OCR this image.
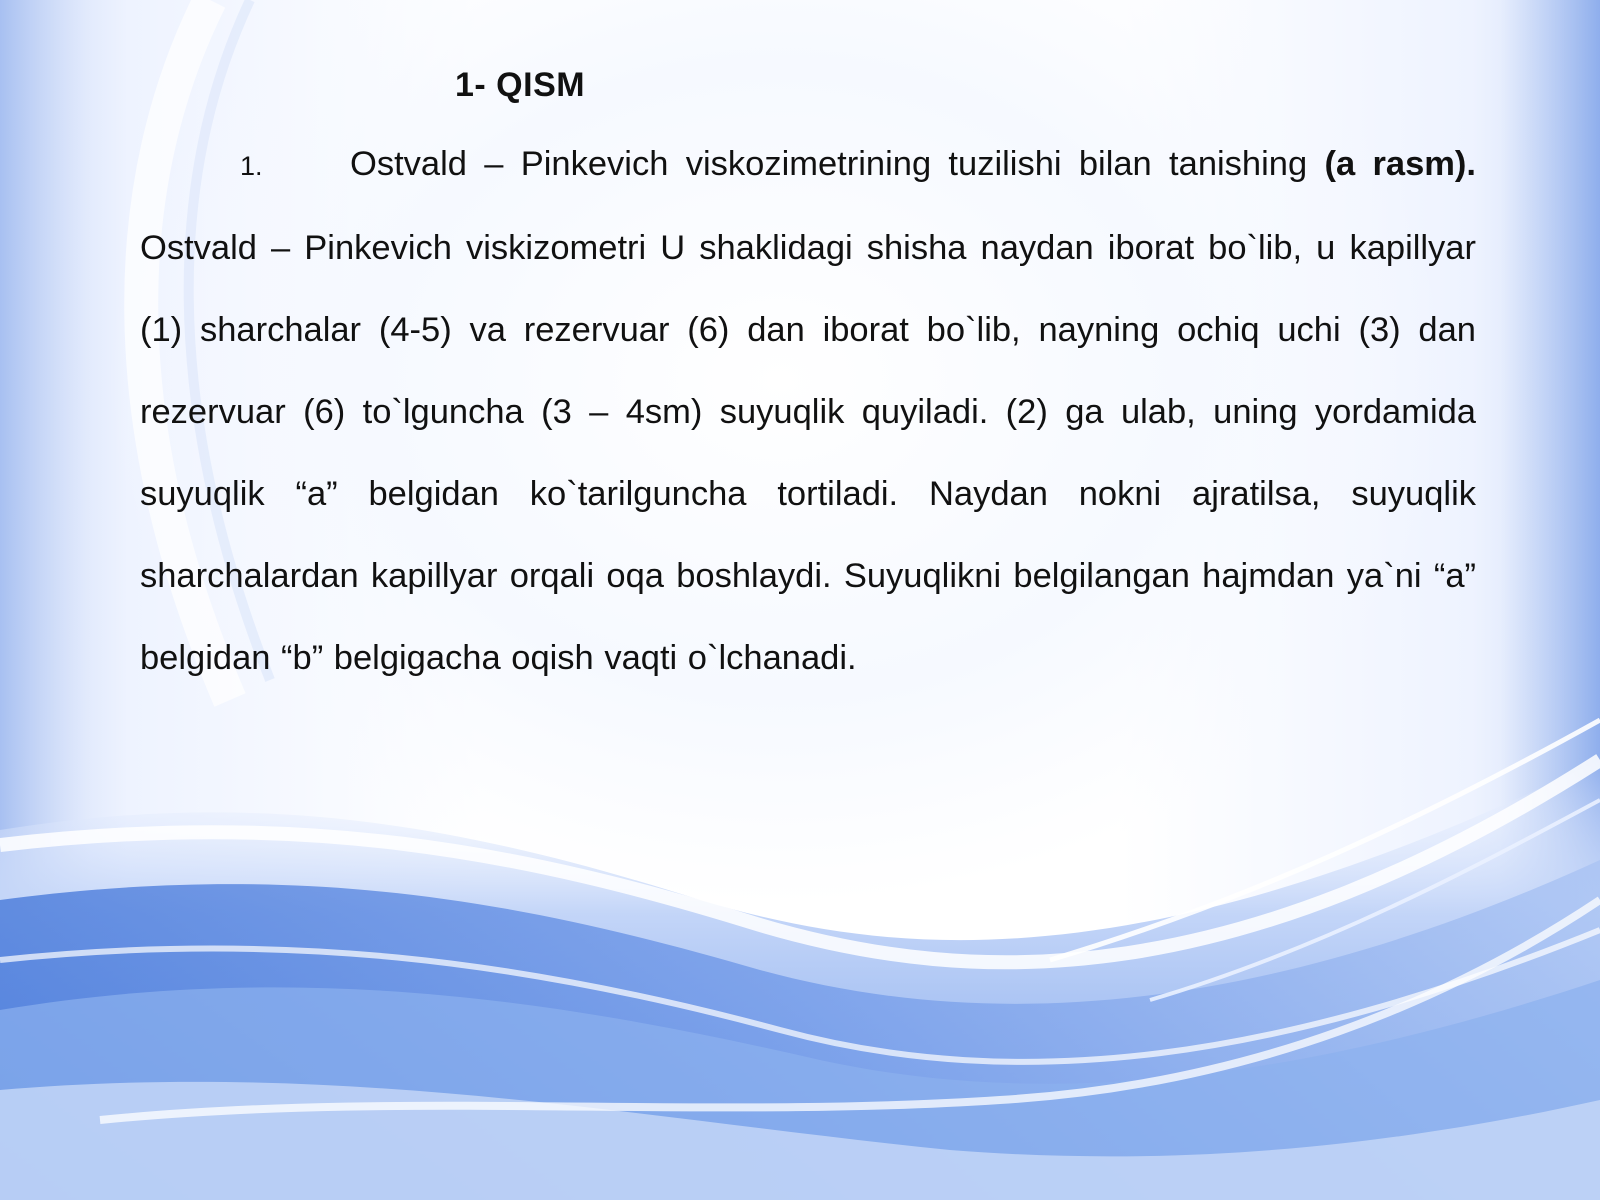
1- QISM

1.	Ostvald – Pinkevich viskozimetrining tuzilishi bilan tanishing (a rasm). Ostvald – Pinkevich viskizometri U shaklidagi shisha naydan iborat bo`lib, u kapillyar (1) sharchalar (4-5) va rezervuar (6) dan iborat bo`lib, nayning ochiq uchi (3) dan rezervuar (6) to`lguncha (3 – 4sm) suyuqlik quyiladi. (2) ga ulab, uning yordamida suyuqlik “a” belgidan ko`tarilguncha tortiladi. Naydan nokni ajratilsa, suyuqlik sharchalardan kapillyar orqali oqa boshlaydi. Suyuqlikni belgilangan hajmdan ya`ni “a” belgidan “b” belgigacha oqish vaqti o`lchanadi.
